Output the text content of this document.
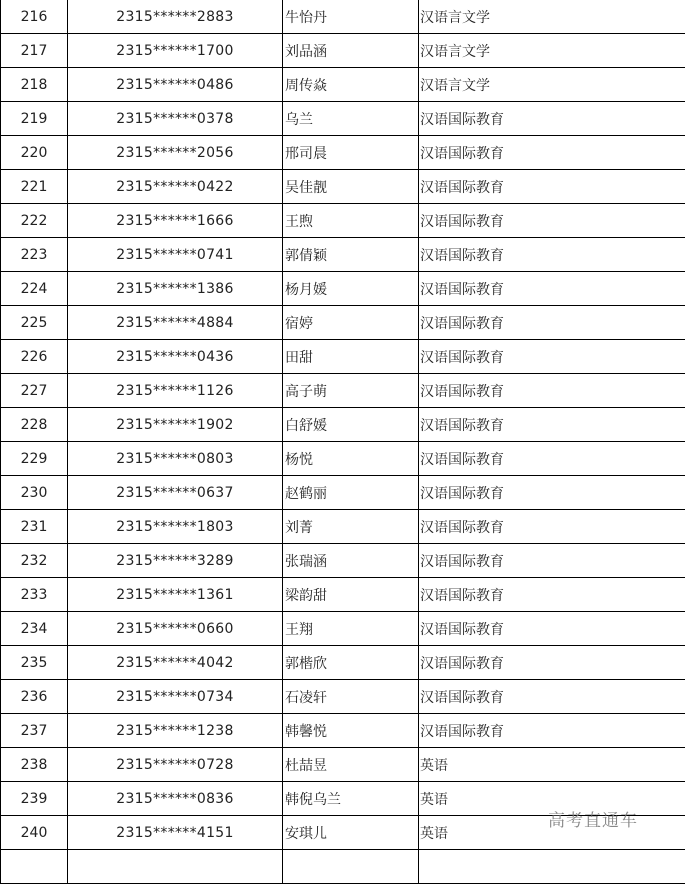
216	2315******2883	牛怡丹	汉语言文学
217	2315******1700	刘品涵	汉语言文学
218	2315******0486	周传焱	汉语言文学
219	2315******0378	乌兰	汉语国际教育
220	2315******2056	邢司晨	汉语国际教育
221	2315******0422	吴佳靓	汉语国际教育
222	2315******1666	王煦	汉语国际教育
223	2315******0741	郭倩颖	汉语国际教育
224	2315******1386	杨月媛	汉语国际教育
225	2315******4884	宿婷	汉语国际教育
226	2315******0436	田甜	汉语国际教育
227	2315******1126	高子萌	汉语国际教育
228	2315******1902	白舒媛	汉语国际教育
229	2315******0803	杨悦	汉语国际教育
230	2315******0637	赵鹤丽	汉语国际教育
231	2315******1803	刘菁	汉语国际教育
232	2315******3289	张瑞涵	汉语国际教育
233	2315******1361	梁韵甜	汉语国际教育
234	2315******0660	王翔	汉语国际教育
235	2315******4042	郭楷欣	汉语国际教育
236	2315******0734	石凌轩	汉语国际教育
237	2315******1238	韩馨悦	汉语国际教育
238	2315******0728	杜喆昱	英语
239	2315******0836	韩倪乌兰	英语
240	2315******4151	安琪儿	英语

高考直通车
